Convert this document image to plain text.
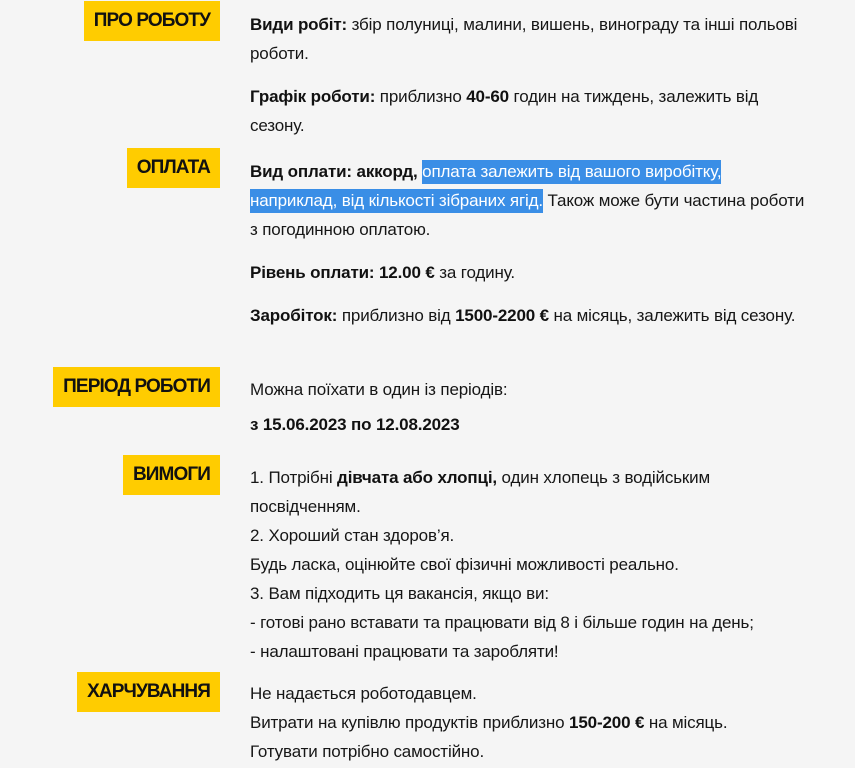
ПРО РОБОТУ	Види робіт: збір полуниці, малини, вишень, винограду та інші польові роботи.

Графік роботи: приблизно 40-60 годин на тиждень, залежить від сезону.

ОПЛАТА	Вид оплати: аккорд, оплата залежить від вашого виробітку, наприклад, від кількості зібраних ягід. Також може бути частина роботи з погодинною оплатою.

Рівень оплати: 12.00 € за годину.

Заробіток: приблизно від 1500-2200 € на місяць, залежить від сезону.

ПЕРІОД РОБОТИ	Можна поїхати в один із періодів:

з 15.06.2023 по 12.08.2023

ВИМОГИ	1. Потрібні дівчата або хлопці, один хлопець з водійським посвідченням.

2. Хороший стан здоров’я.

Будь ласка, оцінюйте свої фізичні можливості реально.

3. Вам підходить ця вакансія, якщо ви:

- готові рано вставати та працювати від 8 і більше годин на день;

- налаштовані працювати та заробляти!

ХАРЧУВАННЯ	Не надається роботодавцем.

Витрати на купівлю продуктів приблизно 150-200 € на місяць.

Готувати потрібно самостійно.
